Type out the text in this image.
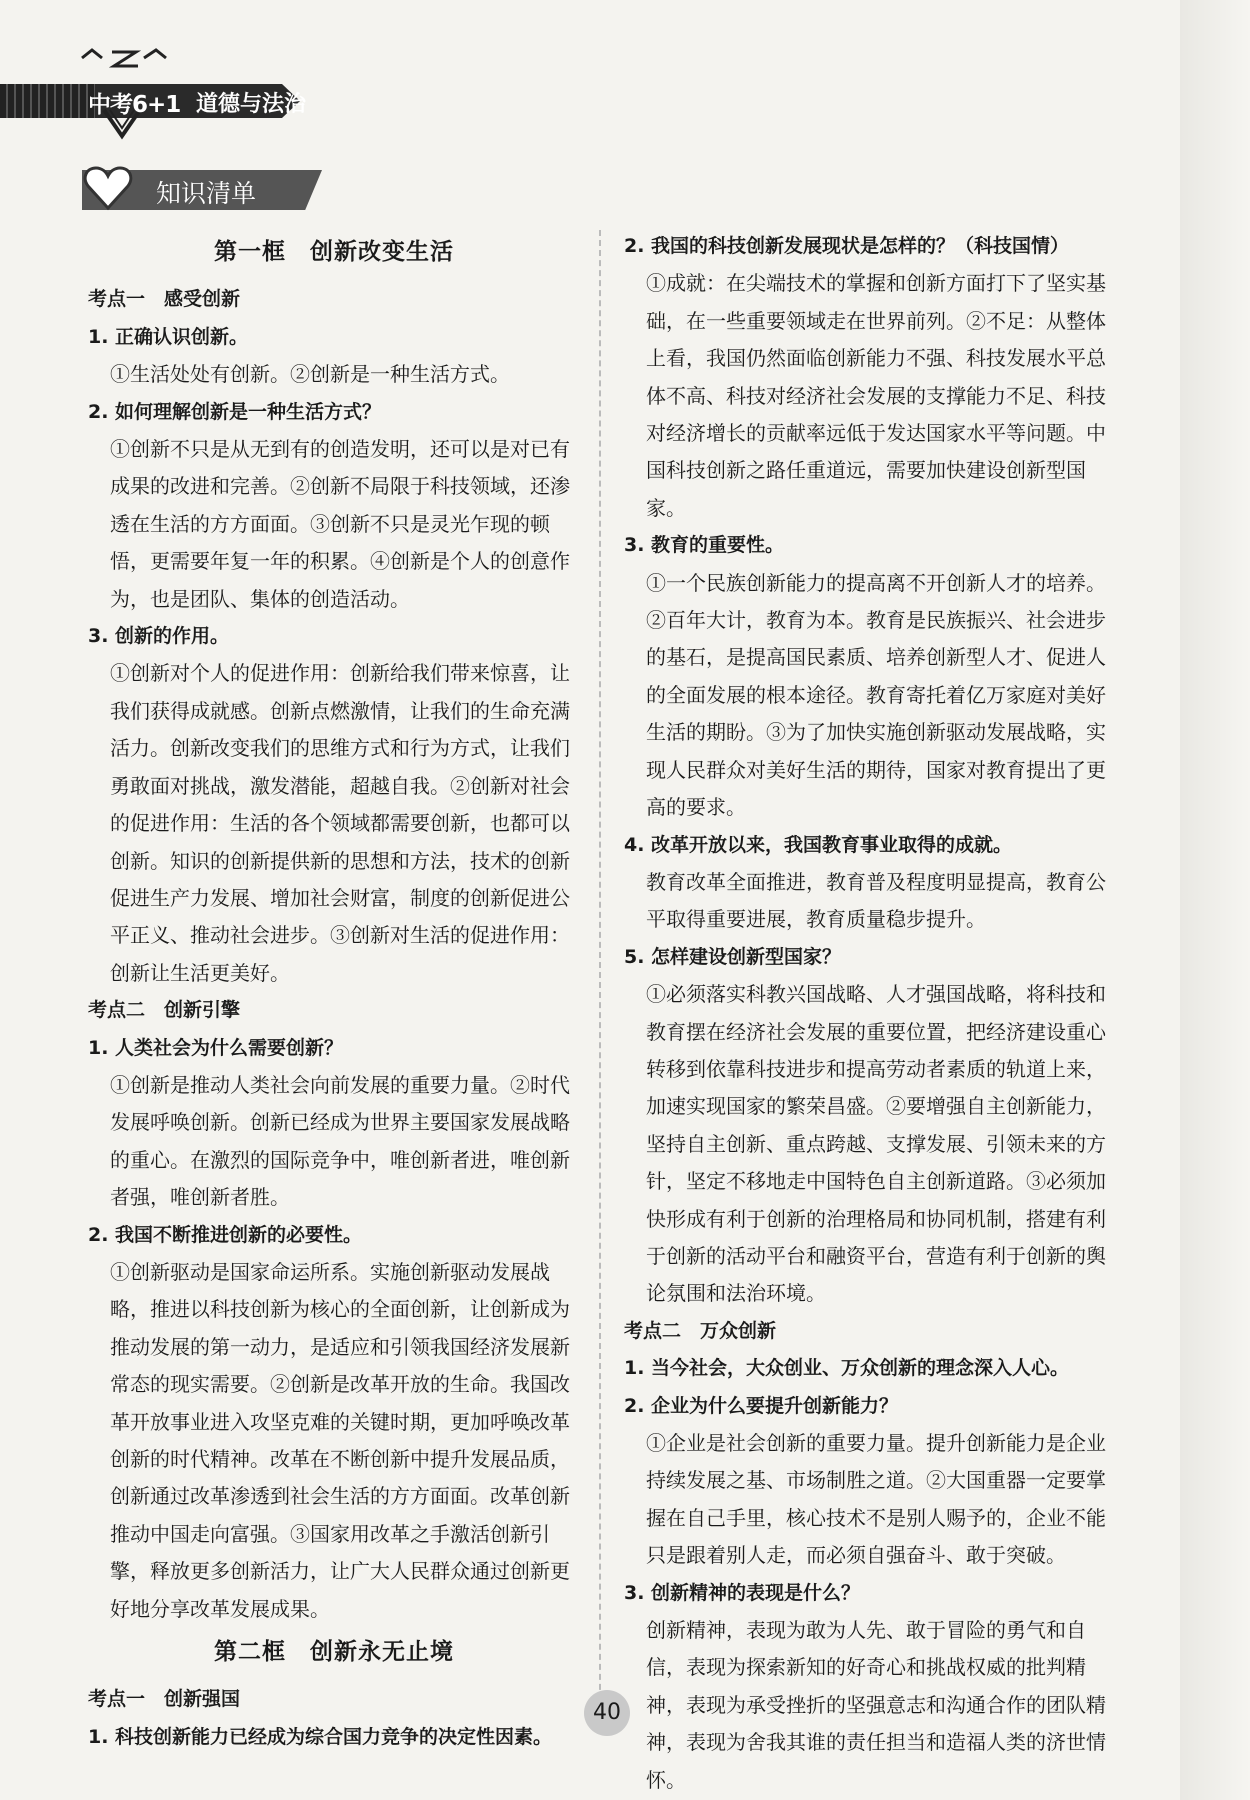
中考6+1 道德与法治
知识清单

第一框　创新改变生活

考点一　感受创新

1. 正确认识创新。

①生活处处有创新。②创新是一种生活方式。

2. 如何理解创新是一种生活方式？

①创新不只是从无到有的创造发明，还可以是对已有成果的改进和完善。②创新不局限于科技领域，还渗透在生活的方方面面。③创新不只是灵光乍现的顿悟，更需要年复一年的积累。④创新是个人的创意作为，也是团队、集体的创造活动。

3. 创新的作用。

①创新对个人的促进作用：创新给我们带来惊喜，让我们获得成就感。创新点燃激情，让我们的生命充满活力。创新改变我们的思维方式和行为方式，让我们勇敢面对挑战，激发潜能，超越自我。②创新对社会的促进作用：生活的各个领域都需要创新，也都可以创新。知识的创新提供新的思想和方法，技术的创新促进生产力发展、增加社会财富，制度的创新促进公平正义、推动社会进步。③创新对生活的促进作用：创新让生活更美好。

考点二　创新引擎

1. 人类社会为什么需要创新？

①创新是推动人类社会向前发展的重要力量。②时代发展呼唤创新。创新已经成为世界主要国家发展战略的重心。在激烈的国际竞争中，唯创新者进，唯创新者强，唯创新者胜。

2. 我国不断推进创新的必要性。

①创新驱动是国家命运所系。实施创新驱动发展战略，推进以科技创新为核心的全面创新，让创新成为推动发展的第一动力，是适应和引领我国经济发展新常态的现实需要。②创新是改革开放的生命。我国改革开放事业进入攻坚克难的关键时期，更加呼唤改革创新的时代精神。改革在不断创新中提升发展品质，创新通过改革渗透到社会生活的方方面面。改革创新推动中国走向富强。③国家用改革之手激活创新引擎，释放更多创新活力，让广大人民群众通过创新更好地分享改革发展成果。

第二框　创新永无止境

考点一　创新强国

1. 科技创新能力已经成为综合国力竞争的决定性因素。

2. 我国的科技创新发展现状是怎样的？（科技国情）

①成就：在尖端技术的掌握和创新方面打下了坚实基础，在一些重要领域走在世界前列。②不足：从整体上看，我国仍然面临创新能力不强、科技发展水平总体不高、科技对经济社会发展的支撑能力不足、科技对经济增长的贡献率远低于发达国家水平等问题。中国科技创新之路任重道远，需要加快建设创新型国家。

3. 教育的重要性。

①一个民族创新能力的提高离不开创新人才的培养。②百年大计，教育为本。教育是民族振兴、社会进步的基石，是提高国民素质、培养创新型人才、促进人的全面发展的根本途径。教育寄托着亿万家庭对美好生活的期盼。③为了加快实施创新驱动发展战略，实现人民群众对美好生活的期待，国家对教育提出了更高的要求。

4. 改革开放以来，我国教育事业取得的成就。

教育改革全面推进，教育普及程度明显提高，教育公平取得重要进展，教育质量稳步提升。

5. 怎样建设创新型国家？

①必须落实科教兴国战略、人才强国战略，将科技和教育摆在经济社会发展的重要位置，把经济建设重心转移到依靠科技进步和提高劳动者素质的轨道上来，加速实现国家的繁荣昌盛。②要增强自主创新能力，坚持自主创新、重点跨越、支撑发展、引领未来的方针，坚定不移地走中国特色自主创新道路。③必须加快形成有利于创新的治理格局和协同机制，搭建有利于创新的活动平台和融资平台，营造有利于创新的舆论氛围和法治环境。

考点二　万众创新

1. 当今社会，大众创业、万众创新的理念深入人心。

2. 企业为什么要提升创新能力？

①企业是社会创新的重要力量。提升创新能力是企业持续发展之基、市场制胜之道。②大国重器一定要掌握在自己手里，核心技术不是别人赐予的，企业不能只是跟着别人走，而必须自强奋斗、敢于突破。

3. 创新精神的表现是什么？

创新精神，表现为敢为人先、敢于冒险的勇气和自信，表现为探索新知的好奇心和挑战权威的批判精神，表现为承受挫折的坚强意志和沟通合作的团队精神，表现为舍我其谁的责任担当和造福人类的济世情怀。

40
